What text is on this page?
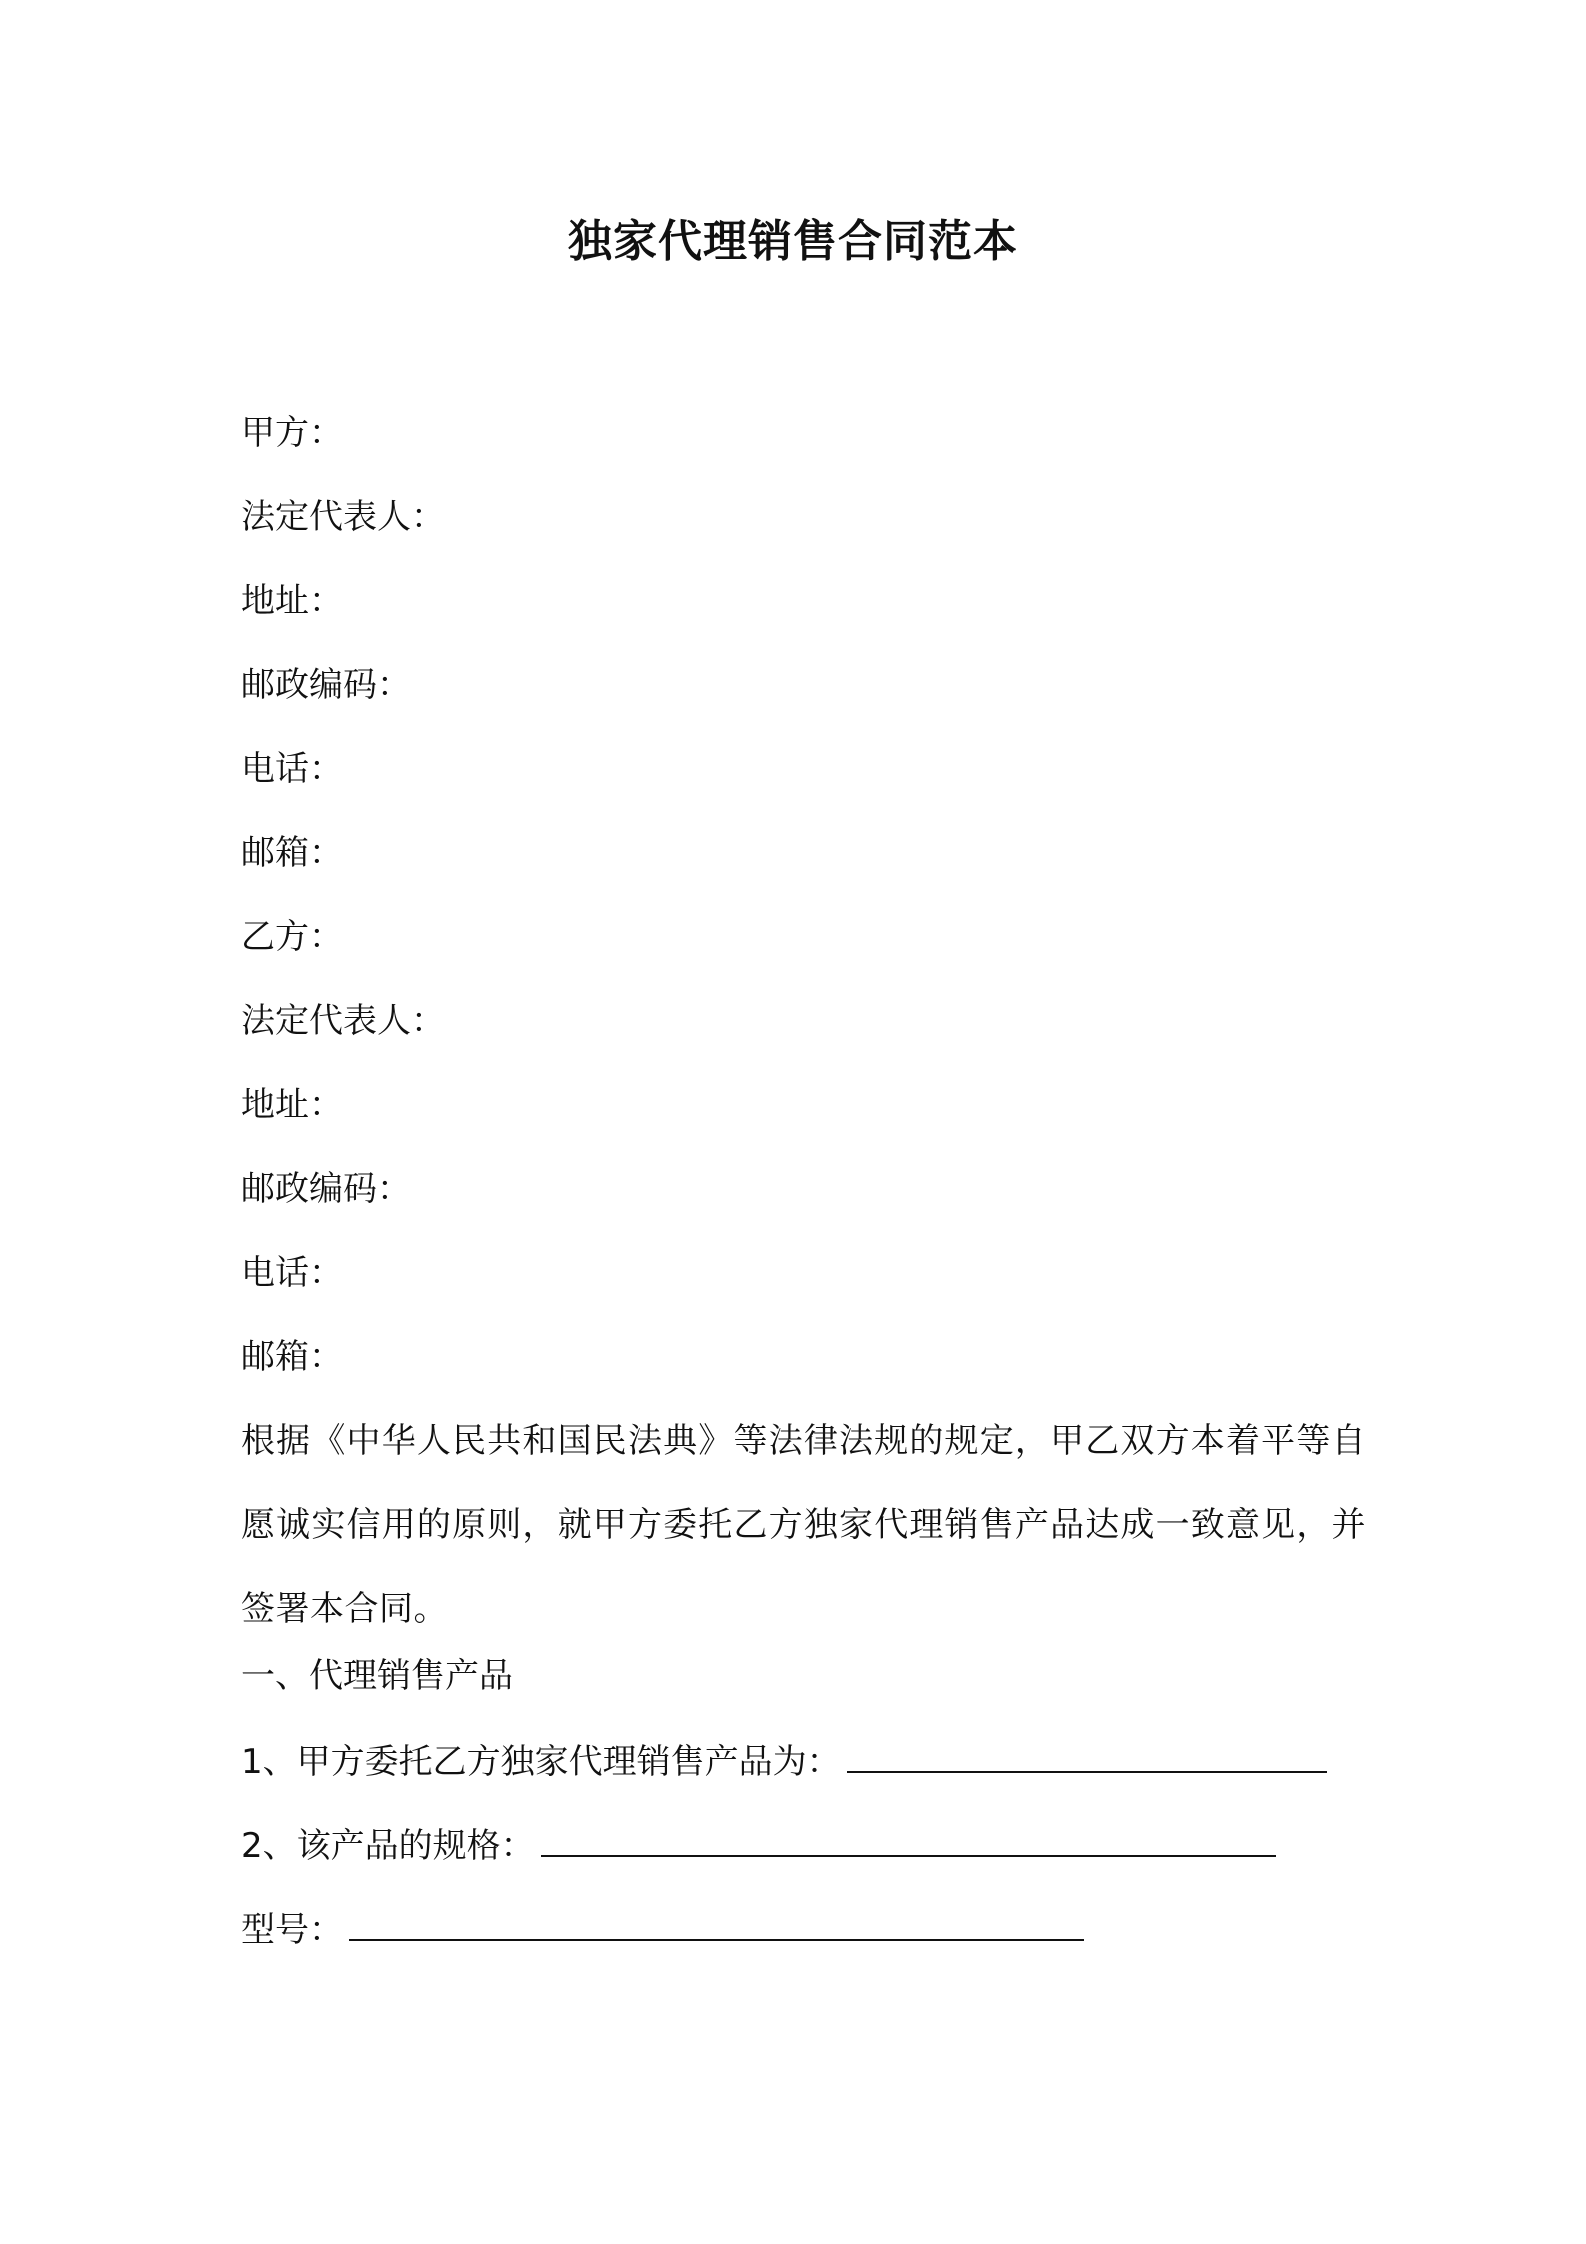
独家代理销售合同范本
甲方：
法定代表人：
地址：
邮政编码：
电话：
邮箱：
乙方：
法定代表人：
地址：
邮政编码：
电话：
邮箱：
根据《中华人民共和国民法典》等法律法规的规定，甲乙双方本着平等自愿诚实信用的原则，就甲方委托乙方独家代理销售产品达成一致意见，并签署本合同。
一、代理销售产品
1、甲方委托乙方独家代理销售产品为：
2、该产品的规格：
型号：
